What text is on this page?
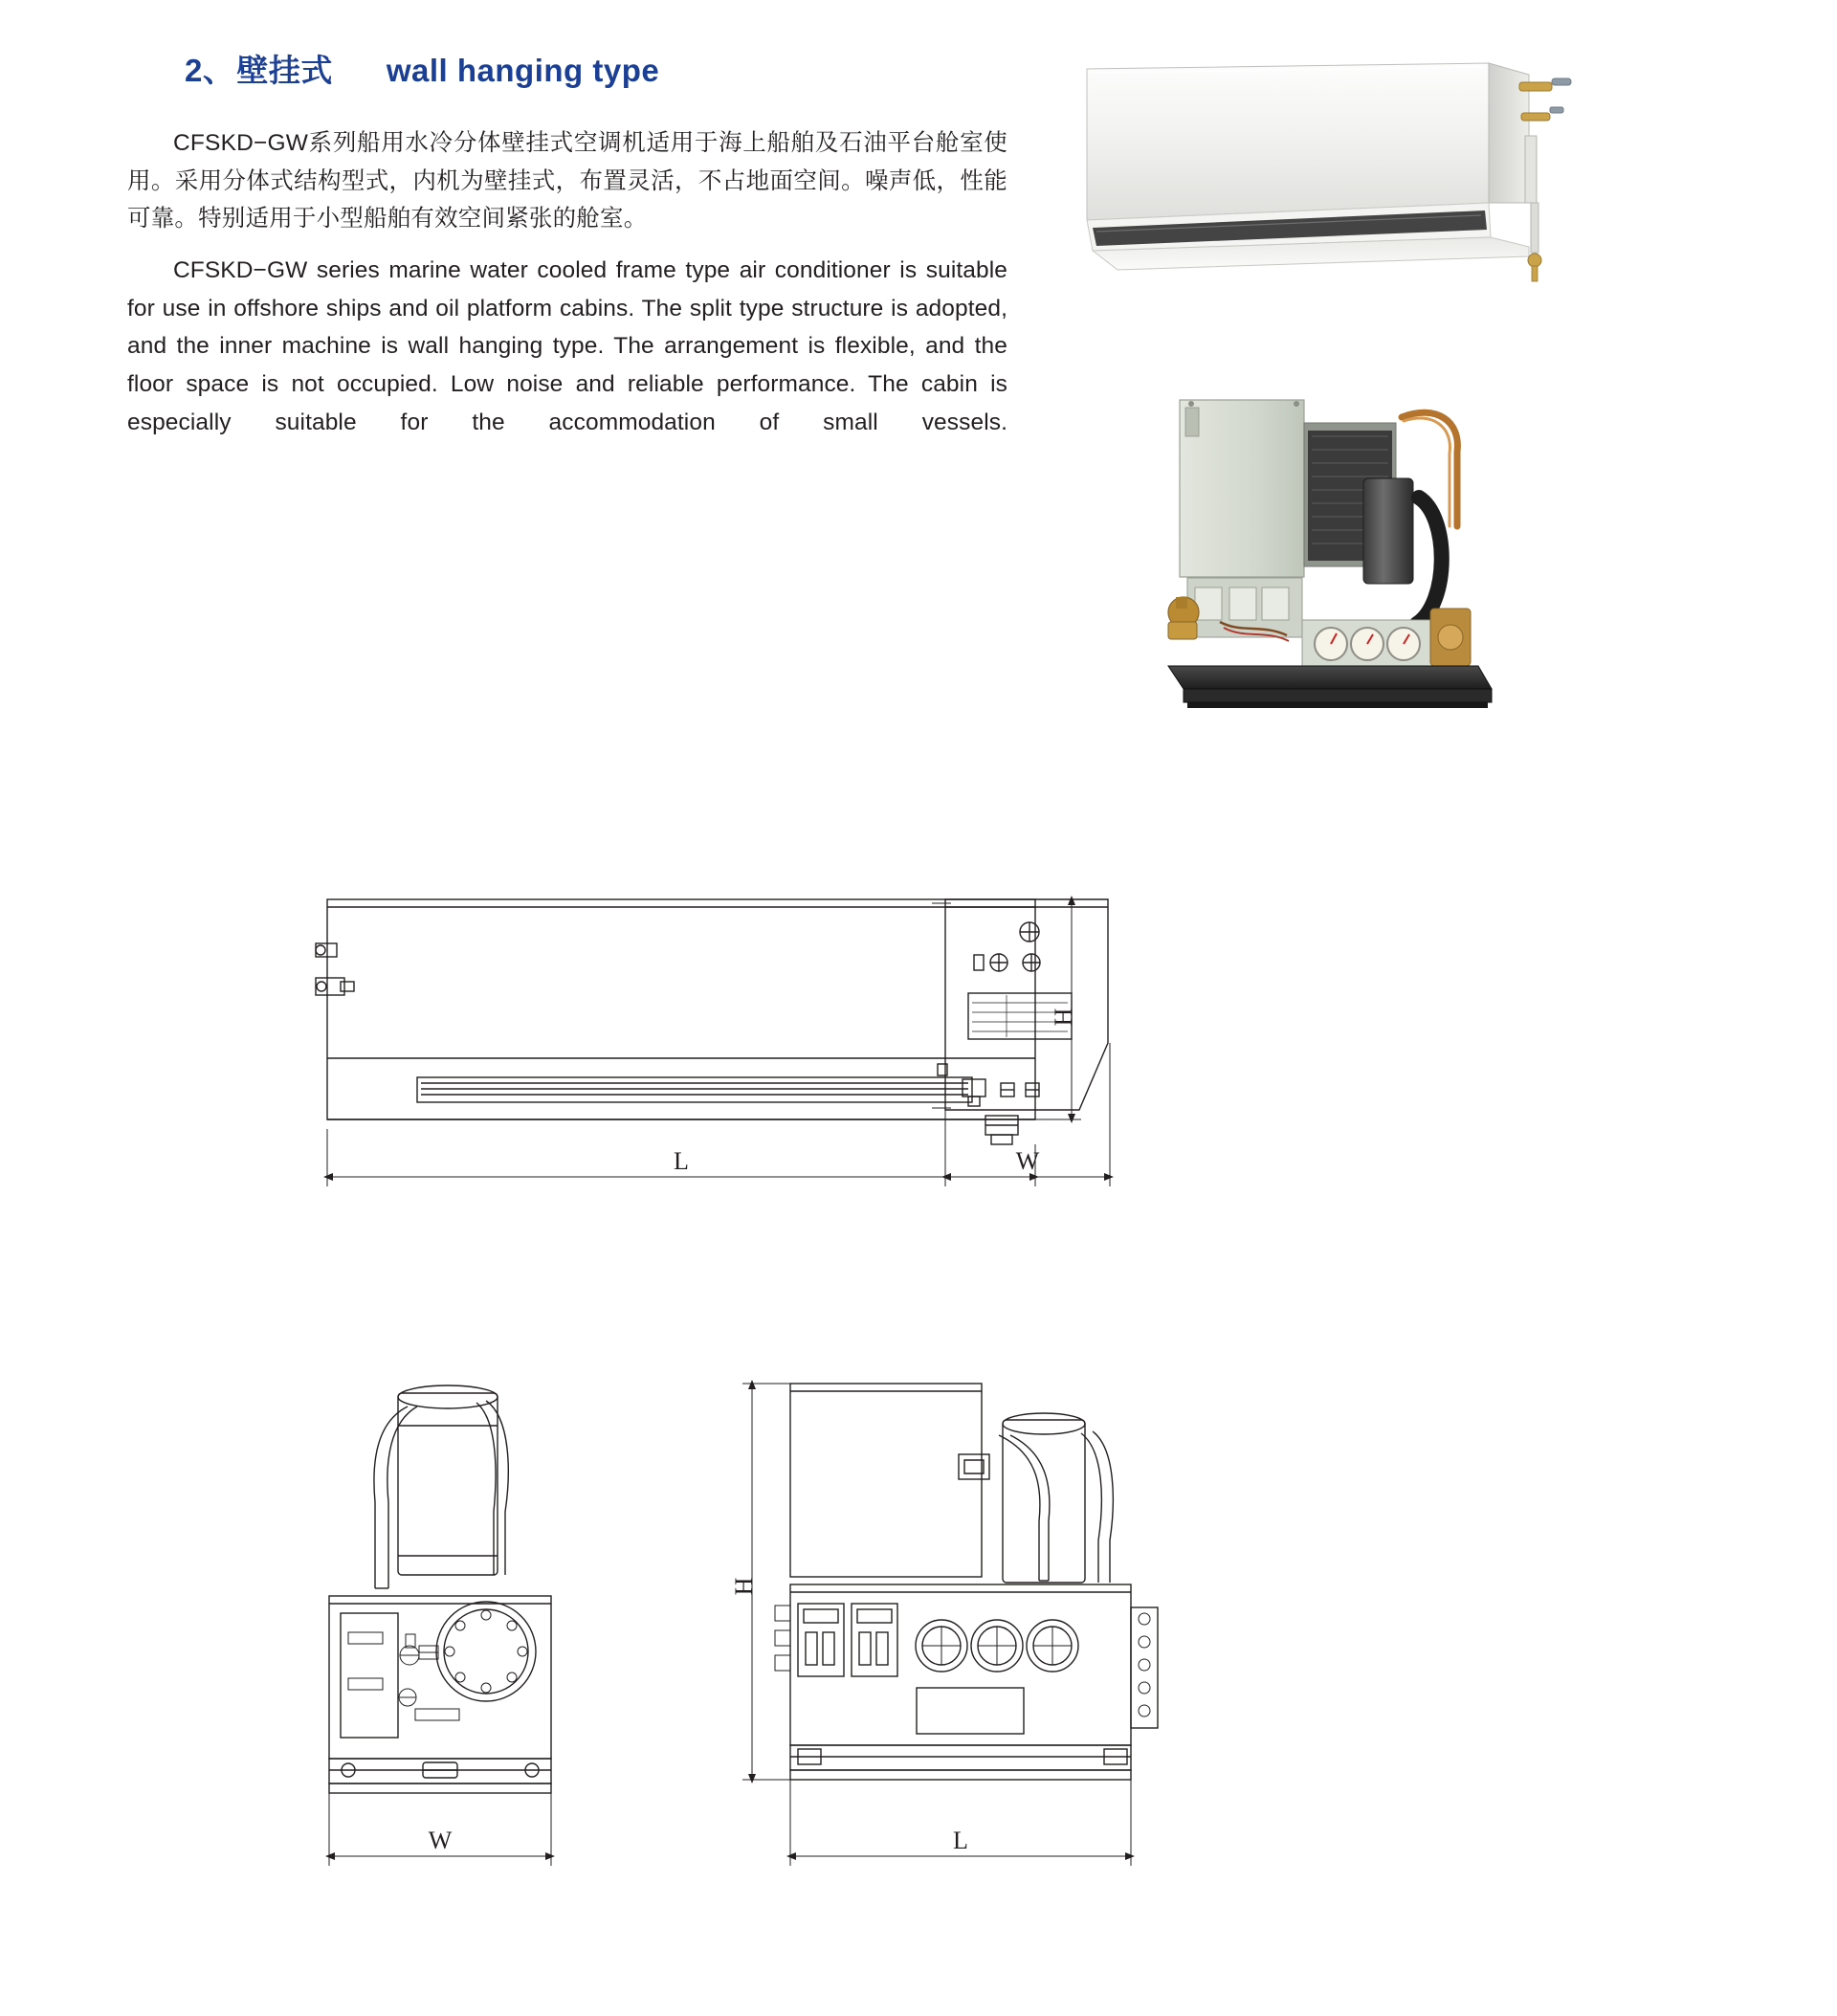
2、壁挂式 wall hanging type

CFSKD−GW系列船用水冷分体壁挂式空调机适用于海上船舶及石油平台舱室使用。采用分体式结构型式，内机为壁挂式，布置灵活，不占地面空间。噪声低，性能可靠。特别适用于小型船舶有效空间紧张的舱室。

CFSKD−GW series marine water cooled frame type air conditioner is suitable for use in offshore ships and oil platform cabins. The split type structure is adopted, and the inner machine is wall hanging type. The arrangement is flexible, and the floor space is not occupied. Low noise and reliable performance. The cabin is especially suitable for the accommodation of small vessels.

H
L	W
W
H
L
